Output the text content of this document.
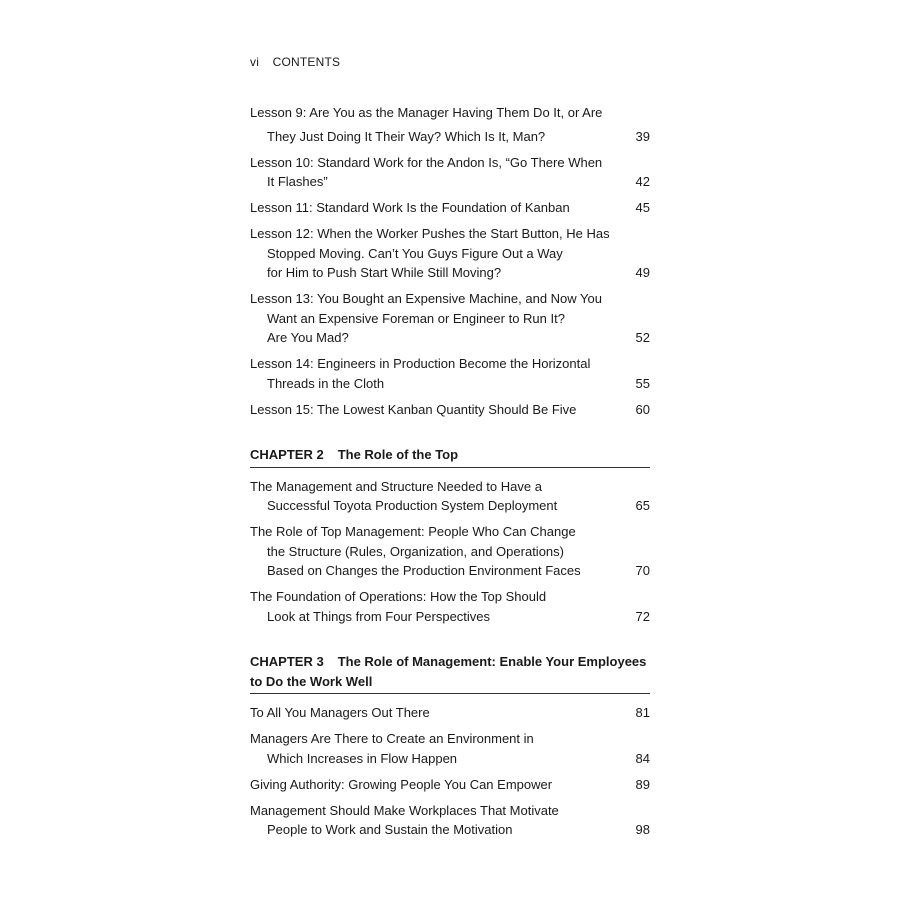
vi CONTENTS
Lesson 9: Are You as the Manager Having Them Do It, or Are
They Just Doing It Their Way? Which Is It, Man?	39
Lesson 10: Standard Work for the Andon Is, “Go There When
It Flashes”	42
Lesson 11: Standard Work Is the Foundation of Kanban	45
Lesson 12: When the Worker Pushes the Start Button, He Has
Stopped Moving. Can’t You Guys Figure Out a Way
for Him to Push Start While Still Moving?	49
Lesson 13: You Bought an Expensive Machine, and Now You
Want an Expensive Foreman or Engineer to Run It?
Are You Mad?	52
Lesson 14: Engineers in Production Become the Horizontal
Threads in the Cloth	55
Lesson 15: The Lowest Kanban Quantity Should Be Five	60
CHAPTER 2 The Role of the Top
The Management and Structure Needed to Have a
Successful Toyota Production System Deployment	65
The Role of Top Management: People Who Can Change
the Structure (Rules, Organization, and Operations)
Based on Changes the Production Environment Faces	70
The Foundation of Operations: How the Top Should
Look at Things from Four Perspectives	72
CHAPTER 3 The Role of Management: Enable Your Employees
to Do the Work Well
To All You Managers Out There	81
Managers Are There to Create an Environment in
Which Increases in Flow Happen	84
Giving Authority: Growing People You Can Empower	89
Management Should Make Workplaces That Motivate
People to Work and Sustain the Motivation	98
